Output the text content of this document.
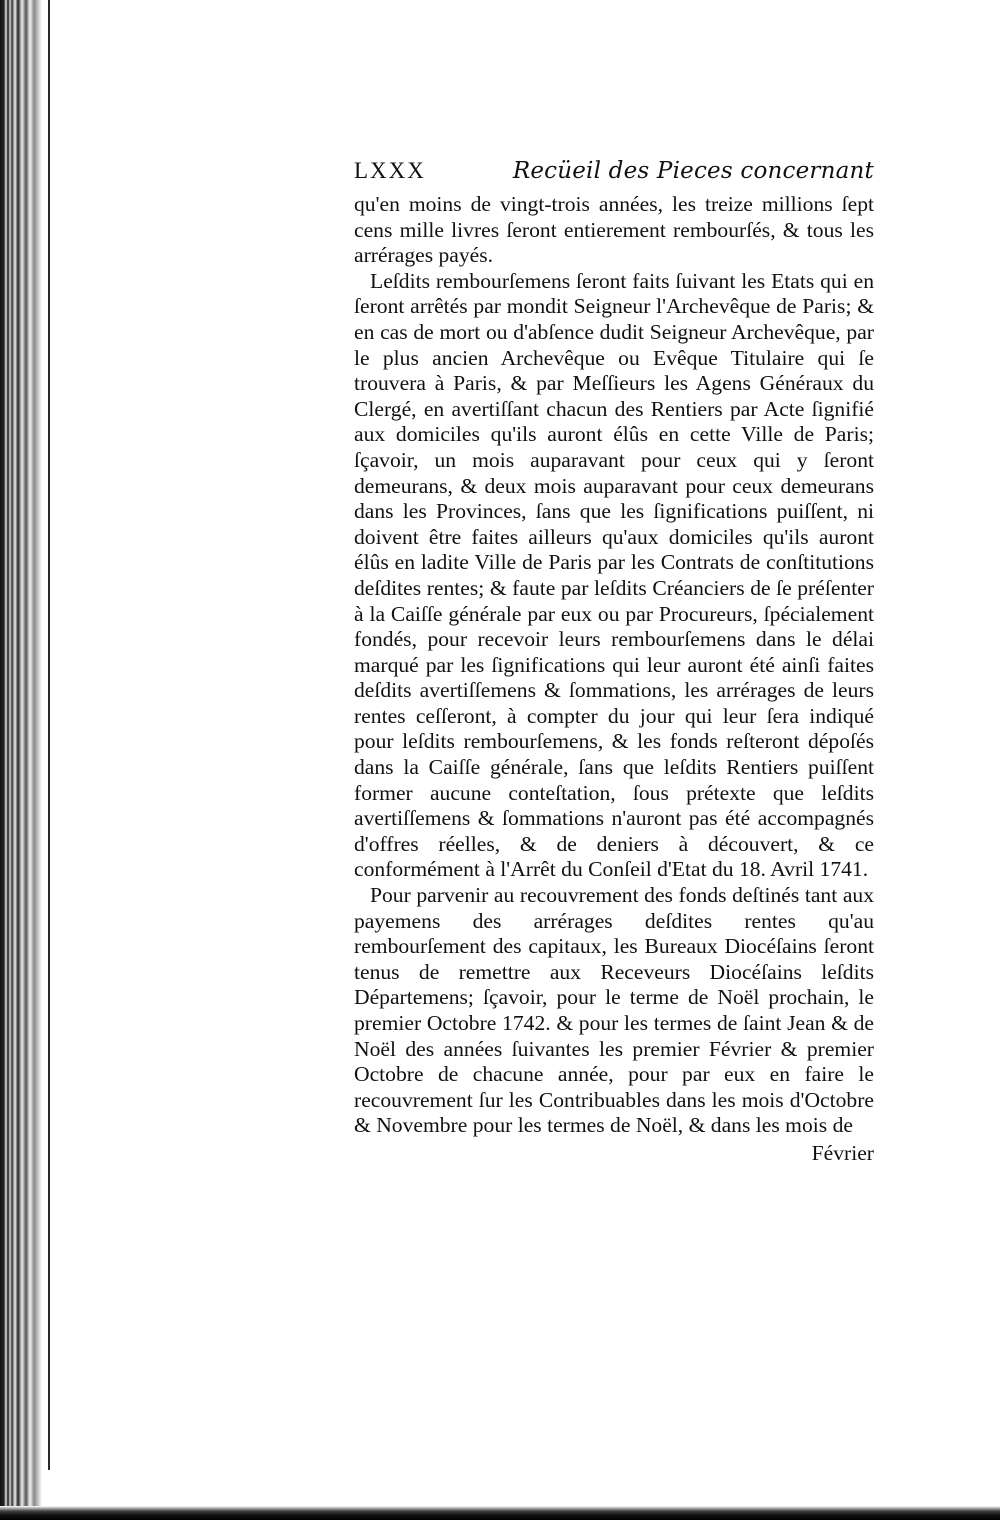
LXXX	Recüeil des Pieces concernant

qu'en moins de vingt-trois années, les treize millions ſept cens mille livres ſeront entierement rembourſés, & tous les arrérages payés.

Leſdits rembourſemens ſeront faits ſuivant les Etats qui en ſeront arrêtés par mondit Seigneur l'Archevêque de Paris; & en cas de mort ou d'abſence dudit Seigneur Archevêque, par le plus ancien Archevêque ou Evêque Titulaire qui ſe trouvera à Paris, & par Meſſieurs les Agens Généraux du Clergé, en avertiſſant chacun des Rentiers par Acte ſignifié aux domiciles qu'ils auront élûs en cette Ville de Paris; ſçavoir, un mois auparavant pour ceux qui y ſeront demeurans, & deux mois auparavant pour ceux demeurans dans les Provinces, ſans que les ſignifications puiſſent, ni doivent être faites ailleurs qu'aux domiciles qu'ils auront élûs en ladite Ville de Paris par les Contrats de conſtitutions deſdites rentes; & faute par leſdits Créanciers de ſe préſenter à la Caiſſe générale par eux ou par Procureurs, ſpécialement fondés, pour recevoir leurs rembourſemens dans le délai marqué par les ſignifications qui leur auront été ainſi faites deſdits avertiſſemens & ſommations, les arrérages de leurs rentes ceſſeront, à compter du jour qui leur ſera indiqué pour leſdits rembourſemens, & les fonds reſteront dépoſés dans la Caiſſe générale, ſans que leſdits Rentiers puiſſent former aucune conteſtation, ſous prétexte que leſdits avertiſſemens & ſommations n'auront pas été accompagnés d'offres réelles, & de deniers à découvert, & ce conformément à l'Arrêt du Conſeil d'Etat du 18. Avril 1741.

Pour parvenir au recouvrement des fonds deſtinés tant aux payemens des arrérages deſdites rentes qu'au rembourſement des capitaux, les Bureaux Diocéſains ſeront tenus de remettre aux Receveurs Diocéſains leſdits Départemens; ſçavoir, pour le terme de Noël prochain, le premier Octobre 1742. & pour les termes de ſaint Jean & de Noël des années ſuivantes les premier Février & premier Octobre de chacune année, pour par eux en faire le recouvrement ſur les Contribuables dans les mois d'Octobre & Novembre pour les termes de Noël, & dans les mois de

Février
